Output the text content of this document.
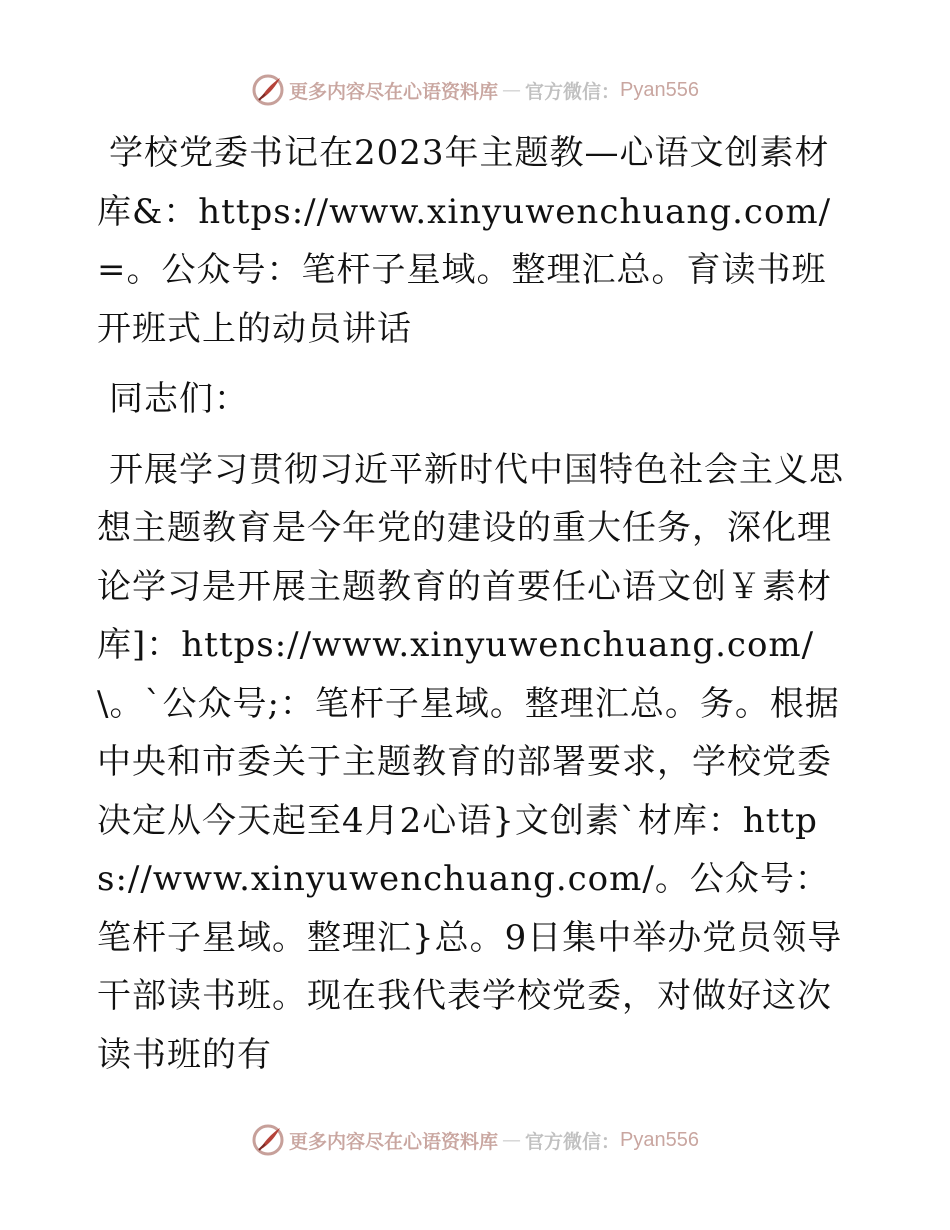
更多内容尽在心语资料库 — 官方微信： Pyan556

学校党委书记在2023年主题教—心语文创素材库&：https://www.xinyuwenchuang.com/=。公众号：笔杆子星域。整理汇总。育读书班开班式上的动员讲话

同志们：

开展学习贯彻习近平新时代中国特色社会主义思想主题教育是今年党的建设的重大任务，深化理论学习是开展主题教育的首要任心语文创￥素材库]：https://www.xinyuwenchuang.com/\。`公众号;：笔杆子星域。整理汇总。务。根据中央和市委关于主题教育的部署要求，学校党委决定从今天起至4月2心语}文创素`材库：https://www.xinyuwenchuang.com/。公众号：笔杆子星域。整理汇}总。9日集中举办党员领导干部读书班。现在我代表学校党委，对做好这次读书班的有

更多内容尽在心语资料库 — 官方微信： Pyan556
